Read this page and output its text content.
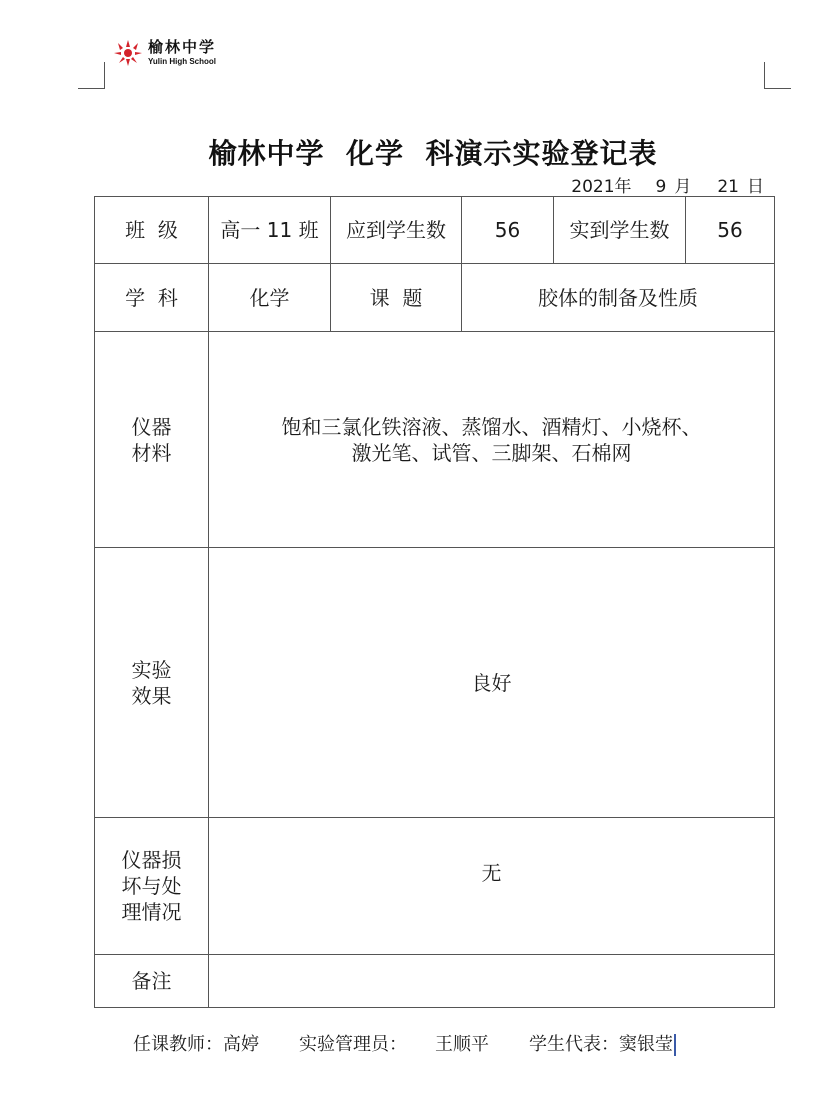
榆林中学
Yulin High School
榆林中学  化学  科演示实验登记表
2021年 9 月 21 日
班  级	高一 11 班	应到学生数	56	实到学生数	56
学  科	化学	课  题	胶体的制备及性质		
仪器
材料	饱和三氯化铁溶液、蒸馏水、酒精灯、小烧杯、
激光笔、试管、三脚架、石棉网				
实验
效果	良好				
仪器损
坏与处
理情况	无				
备注					
任课教师：高婷 实验管理员： 王顺平 学生代表：窦银莹
